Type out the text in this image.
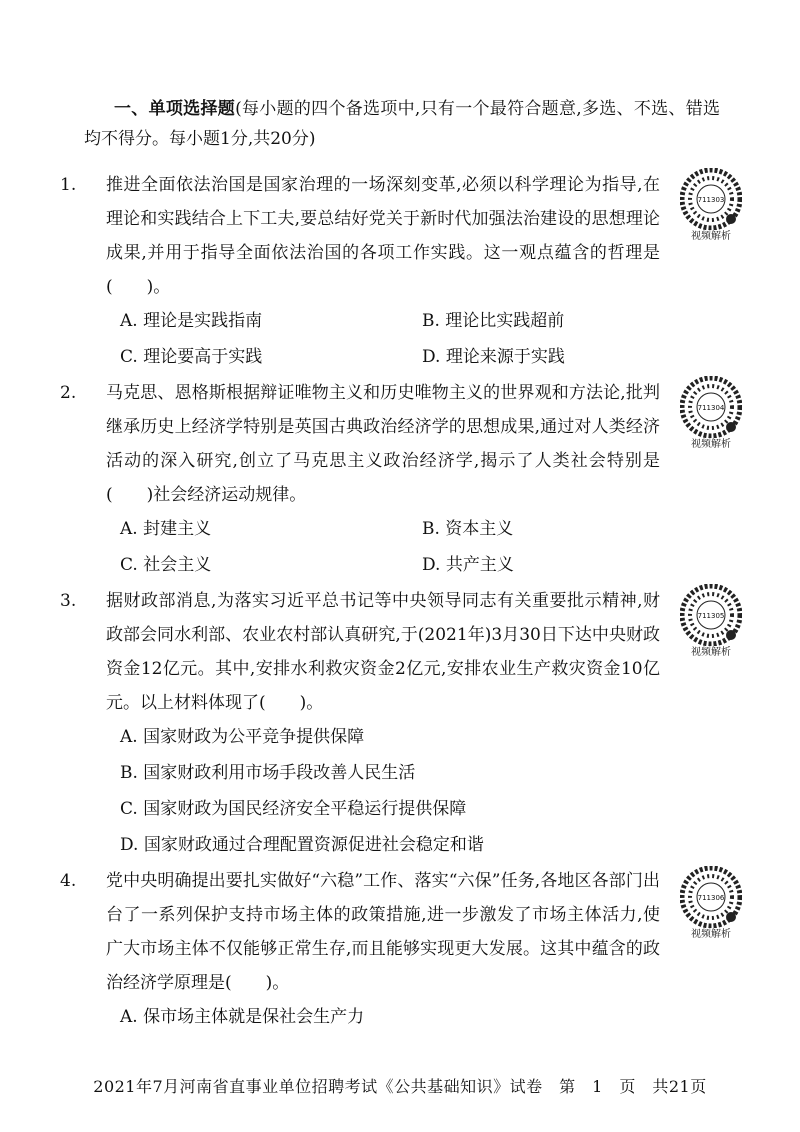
一、单项选择题(每小题的四个备选项中,只有一个最符合题意,多选、不选、错选均不得分。每小题1分,共20分)
1.	推进全面依法治国是国家治理的一场深刻变革,必须以科学理论为指导,在理论和实践结合上下工夫,要总结好党关于新时代加强法治建设的思想理论成果,并用于指导全面依法治国的各项工作实践。这一观点蕴含的哲理是(　　)。
A. 理论是实践指南	B. 理论比实践超前
C. 理论要高于实践	D. 理论来源于实践
2.	马克思、恩格斯根据辩证唯物主义和历史唯物主义的世界观和方法论,批判继承历史上经济学特别是英国古典政治经济学的思想成果,通过对人类经济活动的深入研究,创立了马克思主义政治经济学,揭示了人类社会特别是(　　)社会经济运动规律。
A. 封建主义	B. 资本主义
C. 社会主义	D. 共产主义
3.	据财政部消息,为落实习近平总书记等中央领导同志有关重要批示精神,财政部会同水利部、农业农村部认真研究,于(2021年)3月30日下达中央财政资金12亿元。其中,安排水利救灾资金2亿元,安排农业生产救灾资金10亿元。以上材料体现了(　　)。
A. 国家财政为公平竞争提供保障
B. 国家财政利用市场手段改善人民生活
C. 国家财政为国民经济安全平稳运行提供保障
D. 国家财政通过合理配置资源促进社会稳定和谐
4.	党中央明确提出要扎实做好“六稳”工作、落实“六保”任务,各地区各部门出台了一系列保护支持市场主体的政策措施,进一步激发了市场主体活力,使广大市场主体不仅能够正常生存,而且能够实现更大发展。这其中蕴含的政治经济学原理是(　　)。
A. 保市场主体就是保社会生产力
711303
视频解析
711304
视频解析
711305
视频解析
711306
视频解析
2021年7月河南省直事业单位招聘考试《公共基础知识》试卷　第　1　页　共21页
